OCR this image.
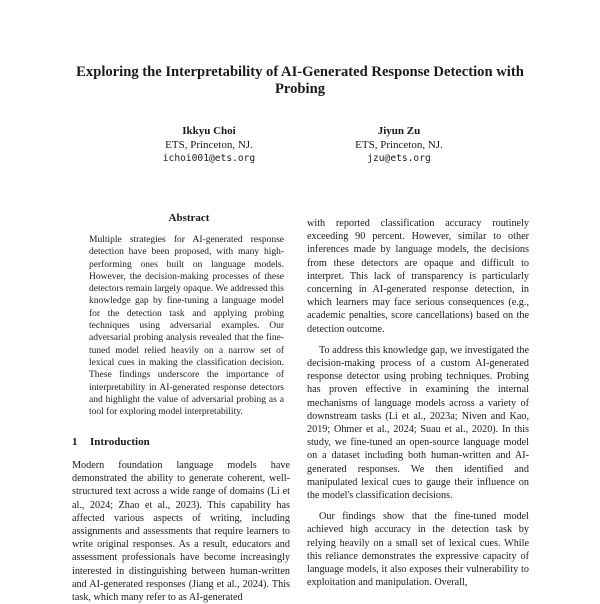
Exploring the Interpretability of AI-Generated Response Detection with Probing
Ikkyu Choi
ETS, Princeton, NJ.
ichoi001@ets.org
Jiyun Zu
ETS, Princeton, NJ.
jzu@ets.org
Abstract
Multiple strategies for AI-generated response detection have been proposed, with many high-performing ones built on language models. However, the decision-making processes of these detectors remain largely opaque. We addressed this knowledge gap by fine-tuning a language model for the detection task and applying probing techniques using adversarial examples. Our adversarial probing analysis revealed that the fine-tuned model relied heavily on a narrow set of lexical cues in making the classification decision. These findings underscore the importance of interpretability in AI-generated response detectors and highlight the value of adversarial probing as a tool for exploring model interpretability.
1 Introduction

Modern foundation language models have demonstrated the ability to generate coherent, well-structured text across a wide range of domains (Li et al., 2024; Zhao et al., 2023). This capability has affected various aspects of writing, including assignments and assessments that require learners to write original responses. As a result, educators and assessment professionals have become increasingly interested in distinguishing between human-written and AI-generated responses (Jiang et al., 2024). This task, which many refer to as AI-generated

with reported classification accuracy routinely exceeding 90 percent. However, similar to other inferences made by language models, the decisions from these detectors are opaque and difficult to interpret. This lack of transparency is particularly concerning in AI-generated response detection, in which learners may face serious consequences (e.g., academic penalties, score cancellations) based on the detection outcome.

To address this knowledge gap, we investigated the decision-making process of a custom AI-generated response detector using probing techniques. Probing has proven effective in examining the internal mechanisms of language models across a variety of downstream tasks (Li et al., 2023a; Niven and Kao, 2019; Ohmer et al., 2024; Suau et al., 2020). In this study, we fine-tuned an open-source language model on a dataset including both human-written and AI-generated responses. We then identified and manipulated lexical cues to gauge their influence on the model's classification decisions.

Our findings show that the fine-tuned model achieved high accuracy in the detection task by relying heavily on a small set of lexical cues. While this reliance demonstrates the expressive capacity of language models, it also exposes their vulnerability to exploitation and manipulation. Overall,
